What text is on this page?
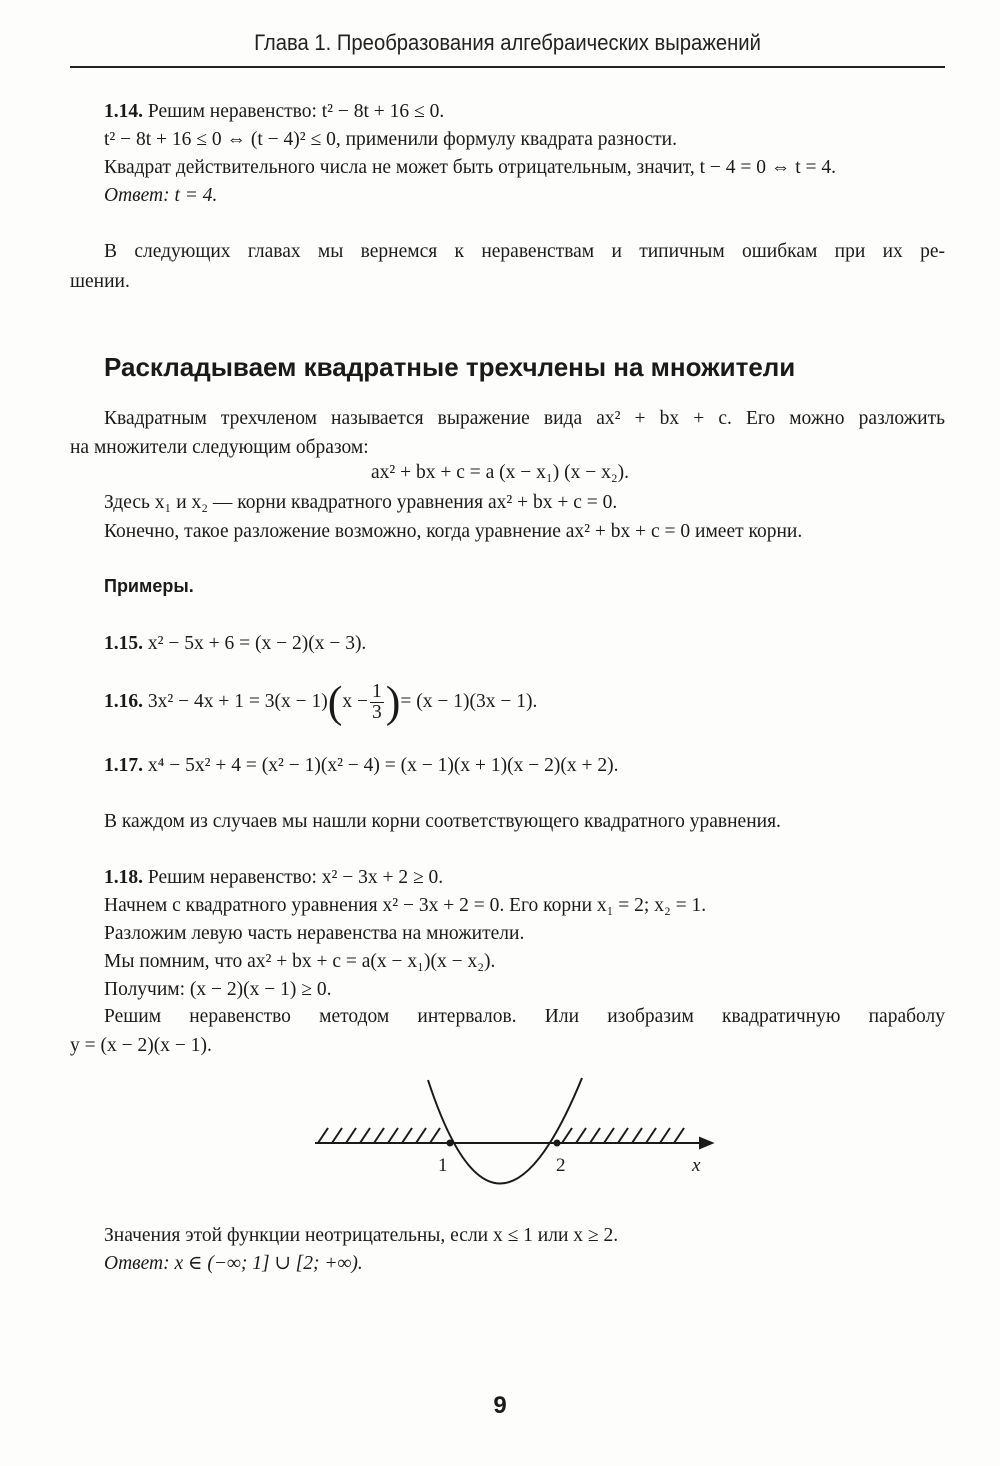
Глава 1. Преобразования алгебраических выражений
1.14. Решим неравенство: t² − 8t + 16 ≤ 0.
t² − 8t + 16 ≤ 0 ⇔ (t − 4)² ≤ 0, применили формулу квадрата разности.
Квадрат действительного числа не может быть отрицательным, значит, t − 4 = 0 ⇔ t = 4.
Ответ: t = 4.
В следующих главах мы вернемся к неравенствам и типичным ошибкам при их ре-
шении.
Раскладываем квадратные трехчлены на множители
Квадратным трехчленом называется выражение вида ax² + bx + c. Его можно разложить
на множители следующим образом:
ax² + bx + c = a (x − x₁) (x − x₂).
Здесь x₁ и x₂ — корни квадратного уравнения ax² + bx + c = 0.
Конечно, такое разложение возможно, когда уравнение ax² + bx + c = 0 имеет корни.
Примеры.
1.15. x² − 5x + 6 = (x − 2)(x − 3).
1.16. $3x^2 - 4x + 1 = 3(x - 1)(x - \frac{1}{3}$ )= (x − 1)(3x − 1).
1.17. x⁴ − 5x² + 4 = (x² − 1)(x² − 4) = (x − 1)(x + 1)(x − 2)(x + 2).
В каждом из случаев мы нашли корни соответствующего квадратного уравнения.
1.18. Решим неравенство: x² − 3x + 2 ≥ 0.
Начнем с квадратного уравнения x² − 3x + 2 = 0. Его корни x₁ = 2; x₂ = 1.
Разложим левую часть неравенства на множители.
Мы помним, что ax² + bx + c = a(x − x₁)(x − x₂).
Получим: (x − 2)(x − 1) ≥ 0.
Решим неравенство методом интервалов. Или изобразим квадратичную параболу
y = (x − 2)(x − 1).
1	2	x
Значения этой функции неотрицательны, если x ≤ 1 или x ≥ 2.
Ответ: x ∈ (−∞; 1] ∪ [2; +∞).
9
